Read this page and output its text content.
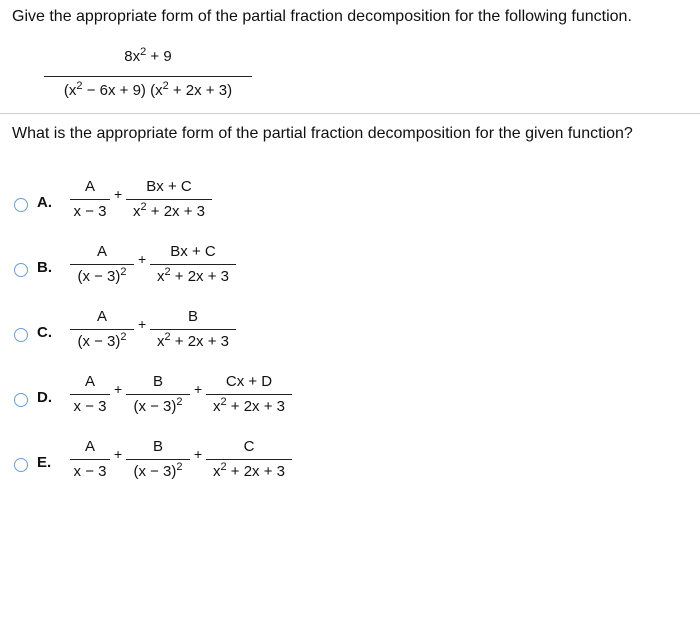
Give the appropriate form of the partial fraction decomposition for the following function.
$8x^2 + 9$
$(x^2 - 6x + 9) (x^2 + 2x + 3)$
What is the appropriate form of the partial fraction decomposition for the given function?
A.
A
x − 3
+	Bx + C
$x^2 + 2x + 3$
B.
A
$(x - 3)^2$
+	Bx + C
$x^2 + 2x + 3$
C.
A
$(x - 3)^2$
+	B
$x^2 + 2x + 3$
D.
A
x − 3
+	B
$(x - 3)^2$
+	Cx + D
$x^2 + 2x + 3$
E.
A
x − 3
+	B
$(x - 3)^2$
+	C
$x^2 + 2x + 3$
